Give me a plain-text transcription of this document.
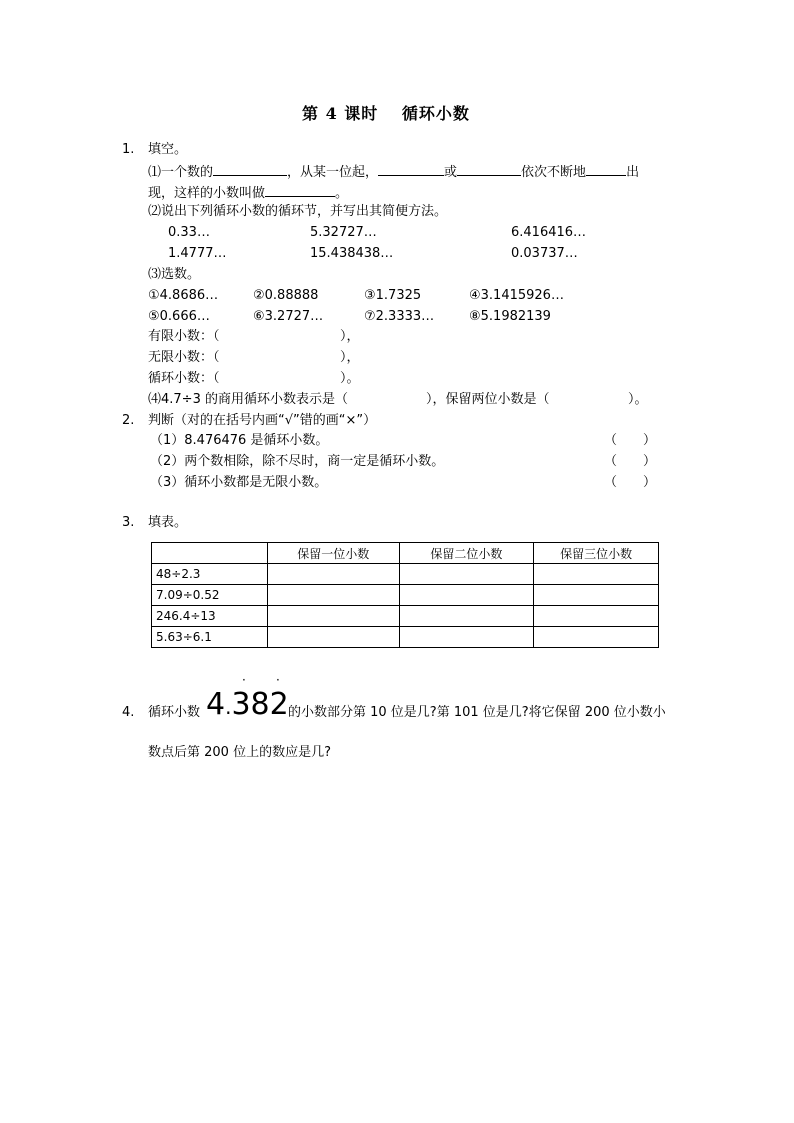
第 4 课时　 循环小数
1. 填空。
⑴一个数的	，从某一位起，	或	依次不断地	出
现，这样的小数叫做	。
⑵说出下列循环小数的循环节，并写出其简便方法。
0.33…	5.32727…	6.416416…
1.4777…	15.438438…	0.03737…
⑶选数。
①4.8686…	②0.88888	③1.7325	④3.1415926…
⑤0.666…	⑥3.2727…	⑦2.3333…	⑧5.1982139
有限小数：（	），
无限小数：（	），
循环小数：（	）。
⑷4.7÷3 的商用循环小数表示是（	），保留两位小数是（	）。
2. 判断（对的在括号内画“√”错的画“×”）
（1）8.476476 是循环小数。	（　　）
（2）两个数相除，除不尽时，商一定是循环小数。	（　　）
（3）循环小数都是无限小数。	（　　）
3. 填表。
	保留一位小数	保留二位小数	保留三位小数
48÷2.3			
7.09÷0.52			
246.4÷13			
5.63÷6.1			
·	·
4. 循环小数 4.382 的小数部分第 10 位是几?第 101 位是几?将它保留 200 位小数小
数点后第 200 位上的数应是几?
